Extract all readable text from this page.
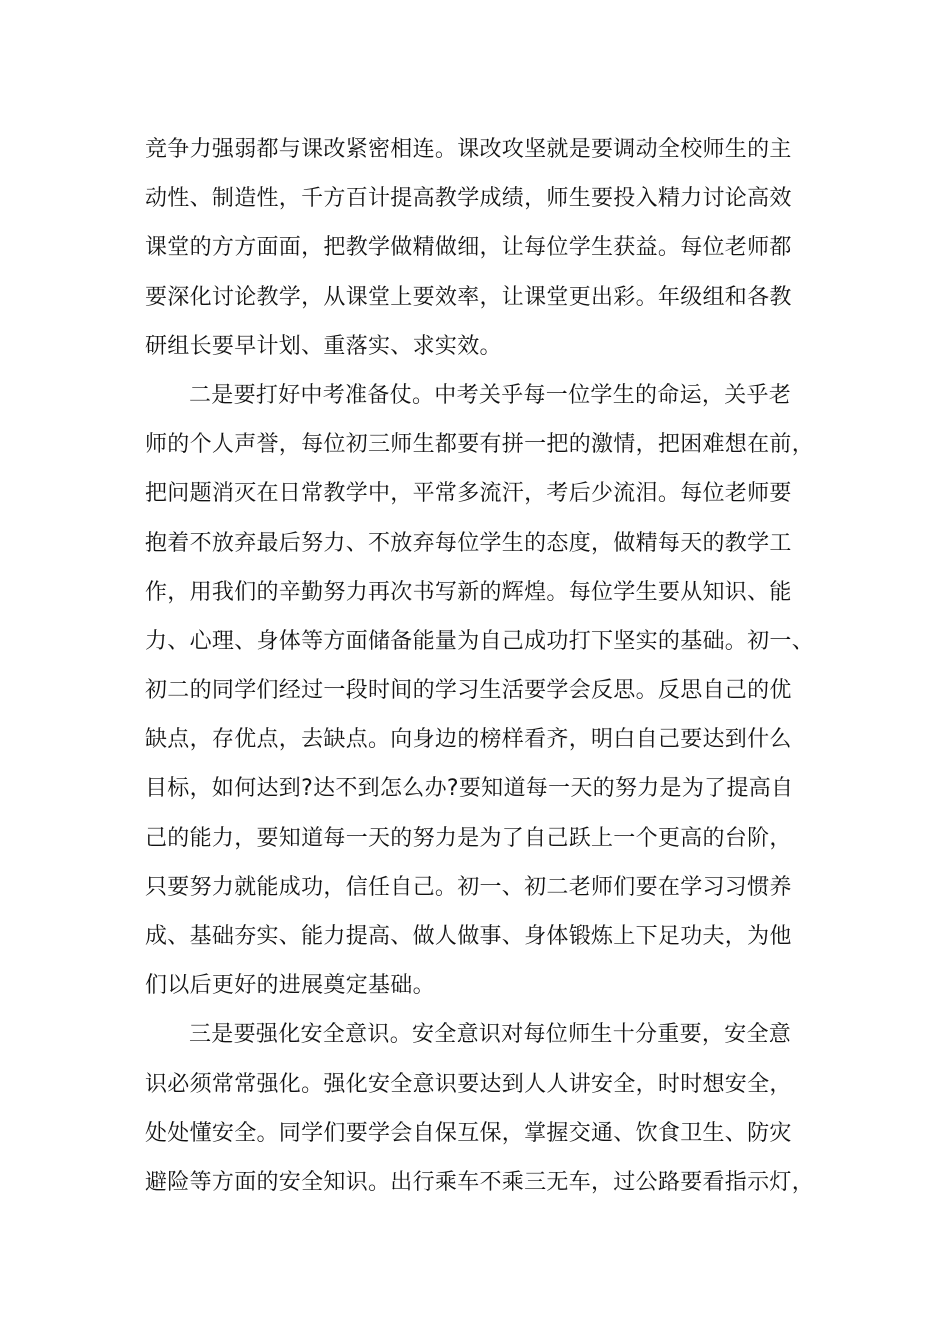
竞争力强弱都与课改紧密相连。课改攻坚就是要调动全校师生的主
动性、制造性，千方百计提高教学成绩，师生要投入精力讨论高效
课堂的方方面面，把教学做精做细，让每位学生获益。每位老师都
要深化讨论教学，从课堂上要效率，让课堂更出彩。年级组和各教
研组长要早计划、重落实、求实效。
二是要打好中考准备仗。中考关乎每一位学生的命运，关乎老
师的个人声誉，每位初三师生都要有拼一把的激情，把困难想在前，
把问题消灭在日常教学中，平常多流汗，考后少流泪。每位老师要
抱着不放弃最后努力、不放弃每位学生的态度，做精每天的教学工
作，用我们的辛勤努力再次书写新的辉煌。每位学生要从知识、能
力、心理、身体等方面储备能量为自己成功打下坚实的基础。初一、
初二的同学们经过一段时间的学习生活要学会反思。反思自己的优
缺点，存优点，去缺点。向身边的榜样看齐，明白自己要达到什么
目标，如何达到?达不到怎么办?要知道每一天的努力是为了提高自
己的能力，要知道每一天的努力是为了自己跃上一个更高的台阶，
只要努力就能成功，信任自己。初一、初二老师们要在学习习惯养
成、基础夯实、能力提高、做人做事、身体锻炼上下足功夫，为他
们以后更好的进展奠定基础。
三是要强化安全意识。安全意识对每位师生十分重要，安全意
识必须常常强化。强化安全意识要达到人人讲安全，时时想安全，
处处懂安全。同学们要学会自保互保，掌握交通、饮食卫生、防灾
避险等方面的安全知识。出行乘车不乘三无车，过公路要看指示灯，
